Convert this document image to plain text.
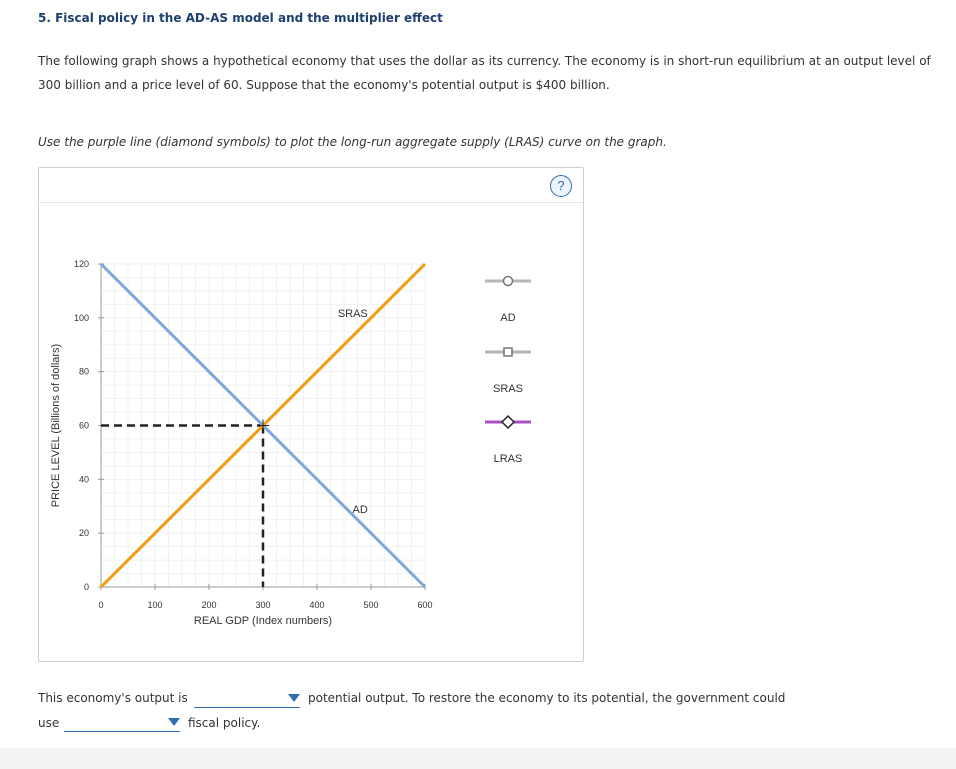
5. Fiscal policy in the AD-AS model and the multiplier effect
The following graph shows a hypothetical economy that uses the dollar as its currency. The economy is in short-run equilibrium at an output level of 300 billion and a price level of 60. Suppose that the economy's potential output is $400 billion.
Use the purple line (diamond symbols) to plot the long-run aggregate supply (LRAS) curve on the graph.
?
0	100	200	300	400	500	600
0
20
40
60
80
100
120
REAL GDP (Index numbers)
PRICE LEVEL (Billions of dollars)
SRAS
AD
AD
SRAS
LRAS
This economy's output is	potential output. To restore the economy to its potential, the government could
use	fiscal policy.
